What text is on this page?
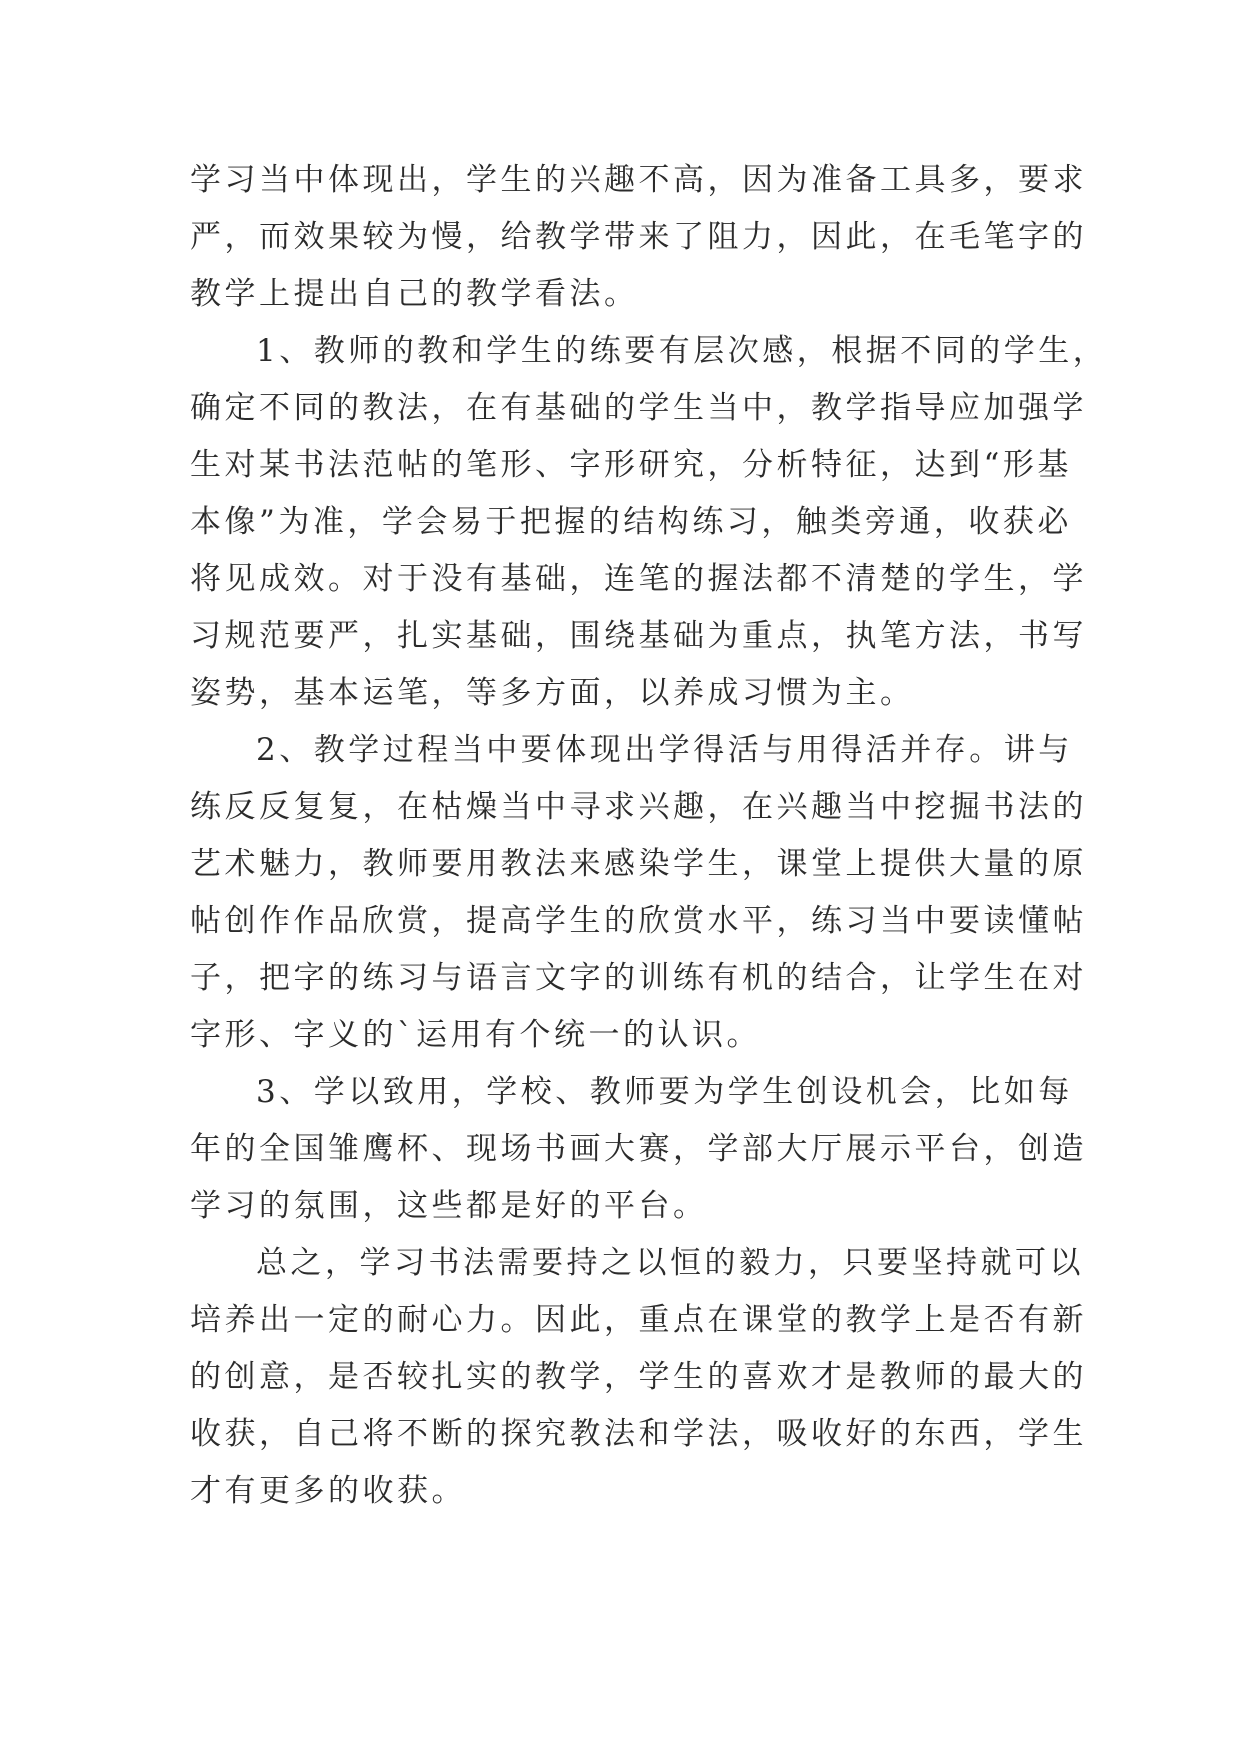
学习当中体现出，学生的兴趣不高，因为准备工具多，要求
严，而效果较为慢，给教学带来了阻力，因此，在毛笔字的
教学上提出自己的教学看法。
1、教师的教和学生的练要有层次感，根据不同的学生，
确定不同的教法，在有基础的学生当中，教学指导应加强学
生对某书法范帖的笔形、字形研究，分析特征，达到“形基
本像”为准，学会易于把握的结构练习，触类旁通，收获必
将见成效。对于没有基础，连笔的握法都不清楚的学生，学
习规范要严，扎实基础，围绕基础为重点，执笔方法，书写
姿势，基本运笔，等多方面，以养成习惯为主。
2、教学过程当中要体现出学得活与用得活并存。讲与
练反反复复，在枯燥当中寻求兴趣，在兴趣当中挖掘书法的
艺术魅力，教师要用教法来感染学生，课堂上提供大量的原
帖创作作品欣赏，提高学生的欣赏水平，练习当中要读懂帖
子，把字的练习与语言文字的训练有机的结合，让学生在对
字形、字义的`运用有个统一的认识。
3、学以致用，学校、教师要为学生创设机会，比如每
年的全国雏鹰杯、现场书画大赛，学部大厅展示平台，创造
学习的氛围，这些都是好的平台。
总之，学习书法需要持之以恒的毅力，只要坚持就可以
培养出一定的耐心力。因此，重点在课堂的教学上是否有新
的创意，是否较扎实的教学，学生的喜欢才是教师的最大的
收获，自己将不断的探究教法和学法，吸收好的东西，学生
才有更多的收获。
